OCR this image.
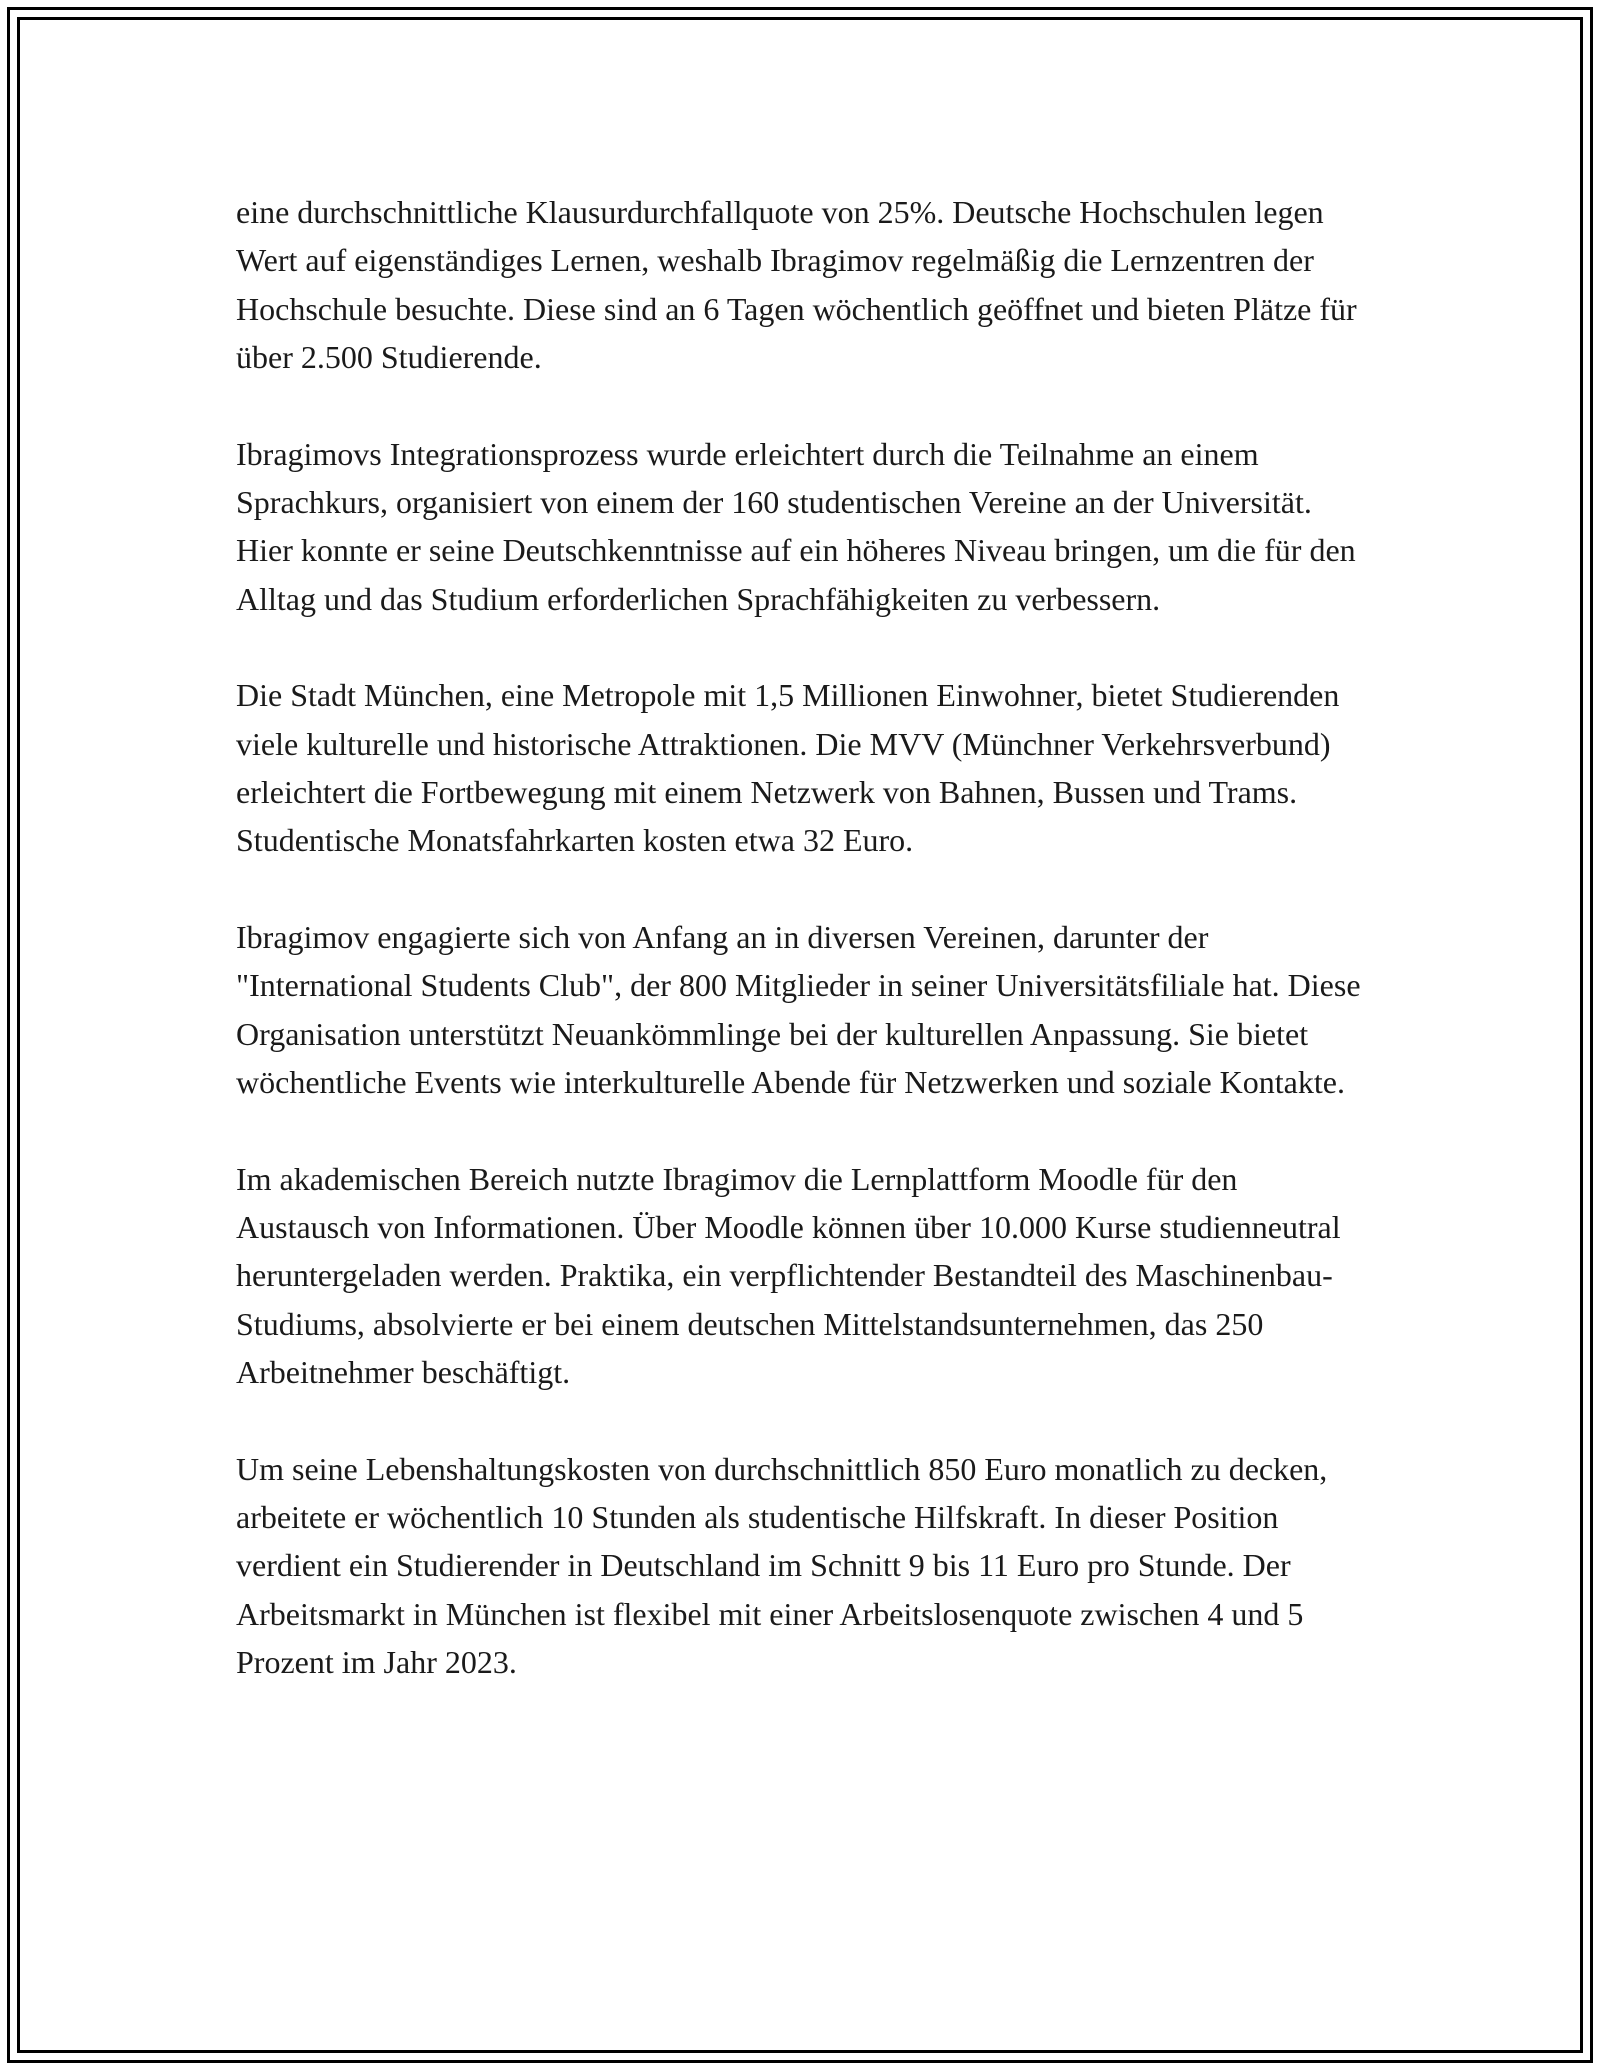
eine durchschnittliche Klausurdurchfallquote von 25%. Deutsche Hochschulen legen Wert auf eigenständiges Lernen, weshalb Ibragimov regelmäßig die Lernzentren der Hochschule besuchte. Diese sind an 6 Tagen wöchentlich geöffnet und bieten Plätze für über 2.500 Studierende.

Ibragimovs Integrationsprozess wurde erleichtert durch die Teilnahme an einem Sprachkurs, organisiert von einem der 160 studentischen Vereine an der Universität. Hier konnte er seine Deutschkenntnisse auf ein höheres Niveau bringen, um die für den Alltag und das Studium erforderlichen Sprachfähigkeiten zu verbessern.

Die Stadt München, eine Metropole mit 1,5 Millionen Einwohner, bietet Studierenden viele kulturelle und historische Attraktionen. Die MVV (Münchner Verkehrsverbund) erleichtert die Fortbewegung mit einem Netzwerk von Bahnen, Bussen und Trams. Studentische Monatsfahrkarten kosten etwa 32 Euro.

Ibragimov engagierte sich von Anfang an in diversen Vereinen, darunter der "International Students Club", der 800 Mitglieder in seiner Universitätsfiliale hat. Diese Organisation unterstützt Neuankömmlinge bei der kulturellen Anpassung. Sie bietet wöchentliche Events wie interkulturelle Abende für Netzwerken und soziale Kontakte.

Im akademischen Bereich nutzte Ibragimov die Lernplattform Moodle für den Austausch von Informationen. Über Moodle können über 10.000 Kurse studienneutral heruntergeladen werden. Praktika, ein verpflichtender Bestandteil des Maschinenbau-Studiums, absolvierte er bei einem deutschen Mittelstandsunternehmen, das 250 Arbeitnehmer beschäftigt.

Um seine Lebenshaltungskosten von durchschnittlich 850 Euro monatlich zu decken, arbeitete er wöchentlich 10 Stunden als studentische Hilfskraft. In dieser Position verdient ein Studierender in Deutschland im Schnitt 9 bis 11 Euro pro Stunde. Der Arbeitsmarkt in München ist flexibel mit einer Arbeitslosenquote zwischen 4 und 5 Prozent im Jahr 2023.
